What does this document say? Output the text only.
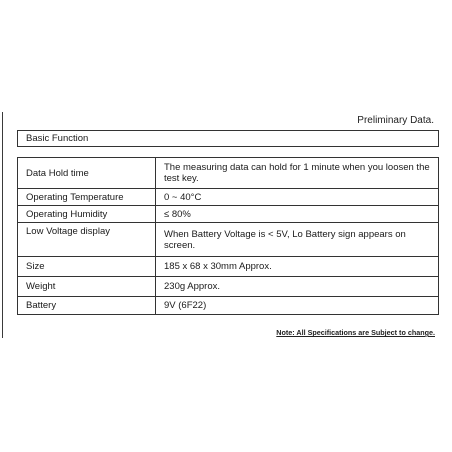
Preliminary Data.
Basic Function
Data Hold time	The measuring data can hold for 1 minute when you loosen the test key.
Operating Temperature	0 ~ 40°C
Operating Humidity	≤ 80%
Low Voltage display	When Battery Voltage is < 5V, Lo Battery sign appears on screen.
Size	185 x 68 x 30mm Approx.
Weight	230g Approx.
Battery	9V (6F22)
Note: All Specifications are Subject to change.
